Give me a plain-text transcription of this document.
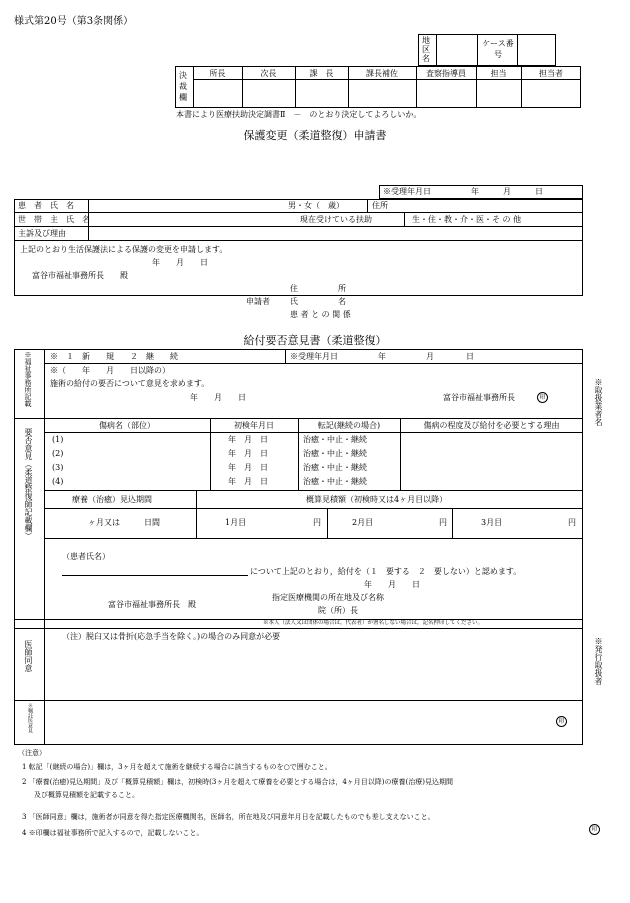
様式第20号（第3条関係）
地区名
ケース番号
決裁欄
所長	次長	課　長	課長補佐	査察指導員	担当	担当者
本書により医療扶助決定調書Ⅱ　－　のとおり決定してよろしいか。
保護変更（柔道整復）申請書
※受理年月日　　　　　年　　　月　　　日
患　者　氏　名	男・女（　歳）	住所
世　帯　主　氏　名	現在受けている扶助	生・住・教・介・医・そ の 他
主訴及び理由
上記のとおり生活保護法による保護の変更を申請します。
年　　月　　日
富谷市福祉事務所長　　殿
住　　　　　所
申請者	氏　　　　　名
患 者 と の 関 係
給付要否意見書（柔道整復）
※福祉事務所記載 ※　１　新　　規　　２　継　　続	※受理年月日　　　　　年　　　　　月　　　　日
※（　　年　　月　　日以降の）
施術の給付の要否について意見を求めます。
年　　月　　日	富谷市福祉事務所長	印
要否意見（柔道整復師記載欄）
傷病名（部位）	初検年月日	転記(継続の場合)	傷病の程度及び給付を必要とする理由
(1)	年　月　日	治癒・中止・継続
(2)	年　月　日	治癒・中止・継続
(3)	年　月　日	治癒・中止・継続
(4)	年　月　日	治癒・中止・継続
療養（治癒）見込期間	概算見積額（初検時又は4ヶ月目以降）
ヶ月又は　　　日間	1月目	円	2月目	円	3月目	円
（患者氏名）
について上記のとおり，給付を（１　要する　２　要しない）と認めます。
年　　月　　日
指定医療機関の所在地及び名称
富谷市福祉事務所長　殿
院（所）長
※本人（法人又は団体の場合は，代表者）が署名しない場合は，記名押印してください。
医師同意
（注）脱臼又は骨折(応急手当を除く。)の場合のみ同意が必要
※嘱託医意見	印
※取扱業者名
※発行取扱者
（注意）
1 転記「(継続の場合)」欄は，3ヶ月を超えて施術を継続する場合に該当するものを○で囲むこと。
2 「療養(治癒)見込期間」及び「概算見積額」欄は，初検時(3ヶ月を超えて療養を必要とする場合は，4ヶ月目以降)の療養(治療)見込期間
及び概算見積額を記載すること。
3 「医師同意」欄は，施術者が同意を得た指定医療機関名，医師名，所在地及び同意年月日を記載したものでも差し支えないこと。
4 ※印欄は福祉事務所で記入するので，記載しないこと。	印
